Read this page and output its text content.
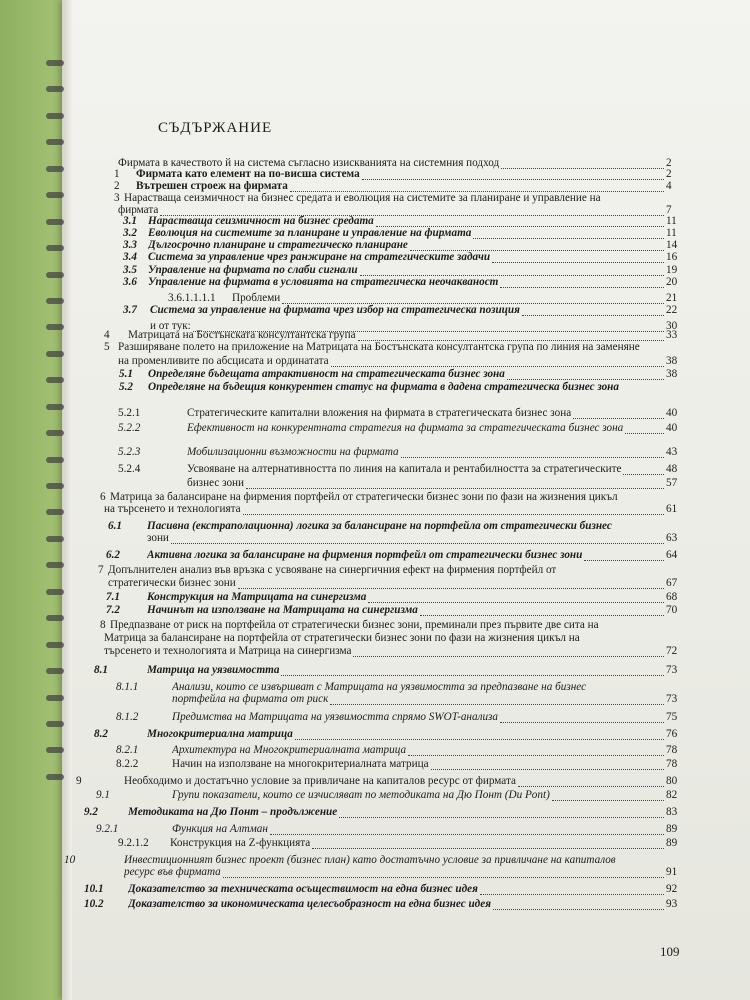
СЪДЪРЖАНИЕ
Фирмата в качеството й на система съгласно изискванията на системния подход	2
1 Фирмата като елемент на по-висша система	2
2 Вътрешен строеж на фирмата	4
3 Нарастваща сеизмичност на бизнес средата и еволюция на системите за планиране и управление на
фирмата	7
3.1 Нарастваща сеизмичност на бизнес средата	11
3.2 Еволюция на системите за планиране и управление на фирмата	11
3.3 Дългосрочно планиране и стратегическо планиране	14
3.4 Система за управление чрез ранжиране на стратегическите задачи	16
3.5 Управление на фирмата по слаби сигнали	19
3.6 Управление на фирмата в условията на стратегическа неочакваност	20
3.6.1.1.1.1 Проблеми	21
3.7 Система за управление на фирмата чрез избор на стратегическа позиция	22
и от тук:	30
4 Матрицата на Бостънската консултантска група	33
5 Разширяване полето на приложение на Матрицата на Бостънската консултантска група по линия на заменяне
на променливите по абсцисата и ординатата	38
5.1 Определяне бъдещата атрактивност на стратегическата бизнес зона	38
5.2 Определяне на бъдещия конкурентен статус на фирмата в дадена стратегическа бизнес зона
5.2.1	Стратегическите капитални вложения на фирмата в стратегическата бизнес зона	40
5.2.2	Ефективност на конкурентната стратегия на фирмата за стратегическата бизнес зона	40
5.2.3	Мобилизационни възможности на фирмата	43
5.2.4	Усвояване на алтернативността по линия на капитала и рентабилността за стратегическите	48
бизнес зони	57
6 Матрица за балансиране на фирмения портфейл от стратегически бизнес зони по фази на жизнения цикъл
на търсенето и технологията	61
6.1 Пасивна (екстраполационна) логика за балансиране на портфейла от стратегически бизнес
зони	63
6.2 Активна логика за балансиране на фирмения портфейл от стратегически бизнес зони	64
7 Допълнителен анализ във връзка с усвояване на синергичния ефект на фирмения портфейл от
стратегически бизнес зони	67
7.1 Конструкция на Матрицата на синергизма	68
7.2 Начинът на използване на Матрицата на синергизма	70
8 Предпазване от риск на портфейла от стратегически бизнес зони, преминали през първите две сита на
Матрица за балансиране на портфейла от стратегически бизнес зони по фази на жизнения цикъл на
търсенето и технологията и Матрица на синергизма	72
8.1	Матрица на уязвимостта	73
8.1.1	Анализи, които се извършват с Матрицата на уязвимостта за предпазване на бизнес
портфейла на фирмата от риск	73
8.1.2	Предимства на Матрицата на уязвимостта спрямо SWOT-анализа	75
8.2	Многокритериална матрица	76
8.2.1	Архитектура на Многокритериалната матрица	78
8.2.2	Начин на използване на многокритериалната матрица	78
9	Необходимо и достатъчно условие за привличане на капиталов ресурс от фирмата	80
9.1	Групи показатели, които се изчисляват по методиката на Дю Понт (Du Pont)	82
9.2	Методиката на Дю Понт – продължение	83
9.2.1	Функция на Алтман	89
9.2.1.2 Конструкция на Z-функцията	89
10	Инвестиционният бизнес проект (бизнес план) като достатъчно условие за привличане на капиталов
ресурс във фирмата	91
10.1 Доказателство за техническата осъществимост на една бизнес идея	92
10.2 Доказателство за икономическата целесъобразност на една бизнес идея	93
109
